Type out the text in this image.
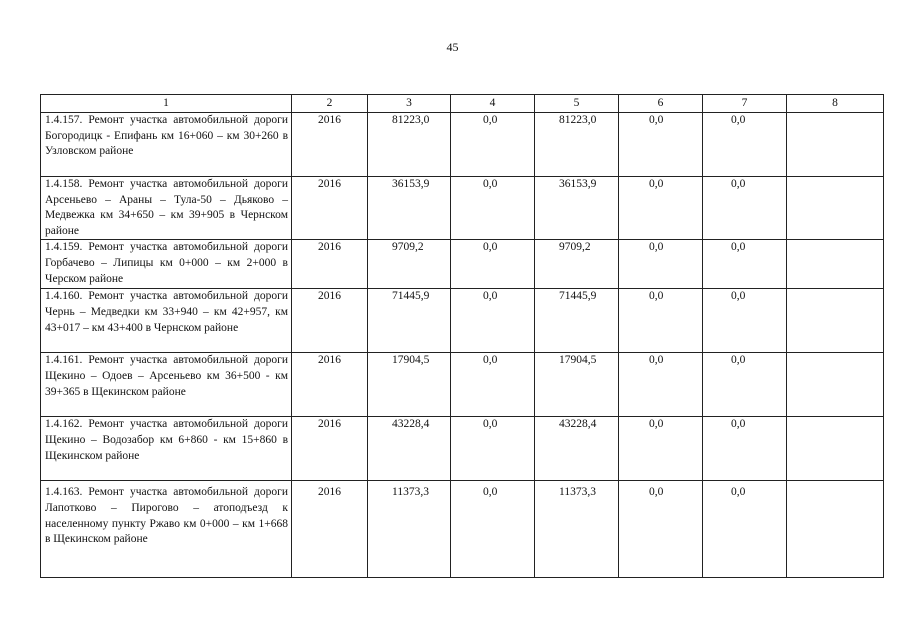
45
1	2	3	4	5	6	7	8
1.4.157. Ремонт участка автомобильной дороги Богородицк - Епифань км 16+060 – км 30+260 в Узловском районе	2016	81223,0	0,0	81223,0	0,0	0,0	
1.4.158. Ремонт участка автомобильной дороги Арсеньево – Араны – Тула-50 – Дьяково – Медвежка км 34+650 – км 39+905 в Чернском районе	2016	36153,9	0,0	36153,9	0,0	0,0	
1.4.159. Ремонт участка автомобильной дороги Горбачево – Липицы км 0+000 – км 2+000 в Черском районе	2016	9709,2	0,0	9709,2	0,0	0,0	
1.4.160. Ремонт участка автомобильной дороги Чернь – Медведки км 33+940 – км 42+957, км 43+017 – км 43+400 в Чернском районе	2016	71445,9	0,0	71445,9	0,0	0,0	
1.4.161. Ремонт участка автомобильной дороги Щекино – Одоев – Арсеньево км 36+500 - км 39+365 в Щекинском районе	2016	17904,5	0,0	17904,5	0,0	0,0	
1.4.162. Ремонт участка автомобильной дороги Щекино – Водозабор км 6+860 - км 15+860 в Щекинском районе	2016	43228,4	0,0	43228,4	0,0	0,0	
1.4.163. Ремонт участка автомобильной дороги Лапотково – Пирогово – атоподъезд к населенному пункту Ржаво км 0+000 – км 1+668 в Щекинском районе	2016	11373,3	0,0	11373,3	0,0	0,0	
